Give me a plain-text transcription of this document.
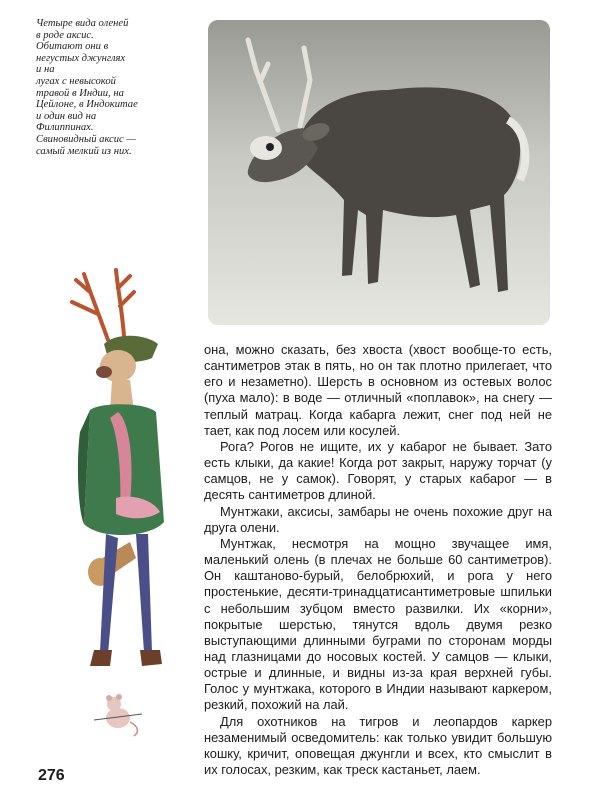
Четыре вида оленей
в роде аксис.
Обитают они в
негустых джунглях
и на
лугах с невысокой
травой в Индии, на
Цейлоне, в Индокитае
и один вид на
Филиппинах.
Свиновидный аксис —
самый мелкий из них.

она, можно сказать, без хвоста (хвост вообще-то есть, сантиметров этак в пять, но он так плотно прилегает, что его и незаметно). Шерсть в основном из остевых волос (пуха мало): в воде — отличный «поплавок», на снегу — теплый матрац. Когда кабарга лежит, снег под ней не тает, как под лосем или косулей.

Рога? Рогов не ищите, их у кабарог не бывает. Зато есть клыки, да какие! Когда рот закрыт, наружу торчат (у самцов, не у самок). Говорят, у старых кабарог — в десять сантиметров длиной.

Мунтжаки, аксисы, замбары не очень похожие друг на друга олени.

Мунтжак, несмотря на мощно звучащее имя, маленький олень (в плечах не больше 60 сантиметров). Он каштаново-бурый, белобрюхий, и рога у него простенькие, десяти-тринадцатисантиметровые шпильки с небольшим зубцом вместо развилки. Их «корни», покрытые шерстью, тянутся вдоль двумя резко выступающими длинными буграми по сторонам морды над глазницами до носовых костей. У самцов — клыки, острые и длинные, и видны из-за края верхней губы. Голос у мунтжака, которого в Индии называют каркером, резкий, похожий на лай.

Для охотников на тигров и леопардов каркер незаменимый осведомитель: как только увидит большую кошку, кричит, оповещая джунгли и всех, кто смыслит в их голосах, резким, как треск кастаньет, лаем.

276
